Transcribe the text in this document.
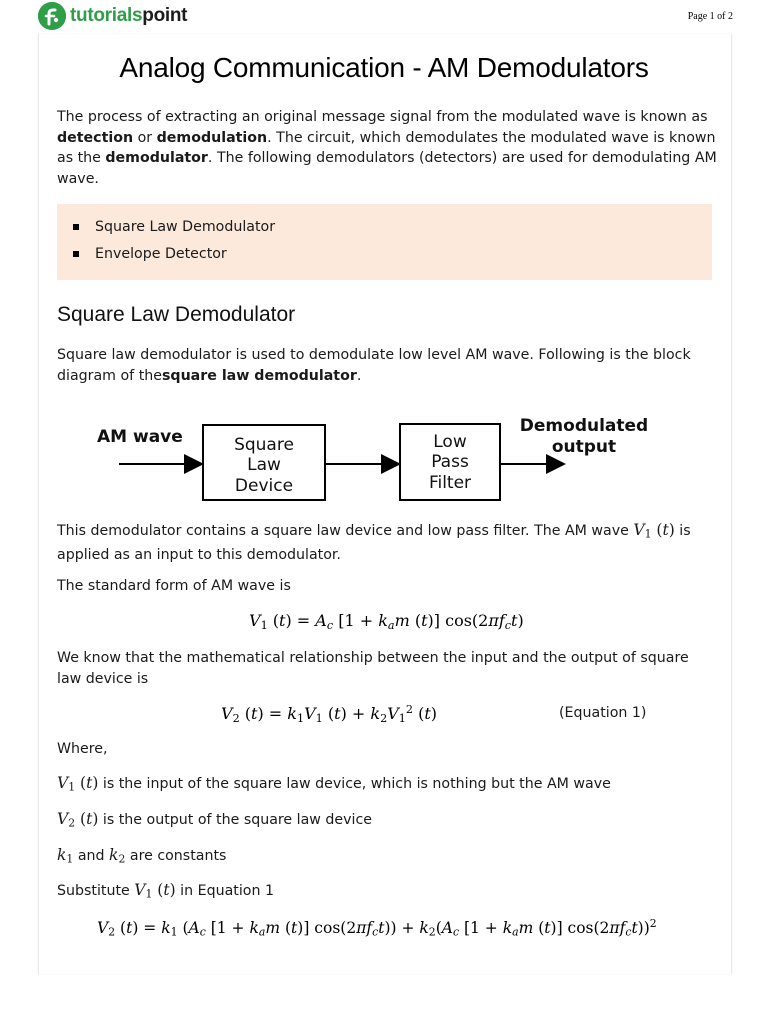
tutorialspoint	Page 1 of 2
Analog Communication - AM Demodulators
The process of extracting an original message signal from the modulated wave is known as detection or demodulation. The circuit, which demodulates the modulated wave is known as the demodulator. The following demodulators (detectors) are used for demodulating AM wave.
Square Law Demodulator
Envelope Detector
Square Law Demodulator
Square law demodulator is used to demodulate low level AM wave. Following is the block diagram of thesquare law demodulator.
AM wave	Square
Law
Device
Low
Pass
Filter
Demodulated
output
This demodulator contains a square law device and low pass filter. The AM wave $V_1$ (t) is applied as an input to this demodulator.
The standard form of AM wave is
$V_1$ $(t) = A_c$ [$1 + k_am$ (t)] $\cos(2\pi f_ct)$
We know that the mathematical relationship between the input and the output of square law device is
$V_2$ $(t) = k_1V_1$ $(t) + k_2V_1^2$ (t)	(Equation 1)
Where,
$V_1$ (t) is the input of the square law device, which is nothing but the AM wave
$V_2$ (t) is the output of the square law device
$k_1$ and $k_2$ are constants
Substitute $V_1$ (t) in Equation 1
$V_2$ $(t) = k_1$ ($A_c$ [$1 + k_am$ (t)] $\cos(2\pi f_ct)) + k_2(A_c$ [$1 + k_am$ (t)] $\cos(2\pi f_ct))^2$
